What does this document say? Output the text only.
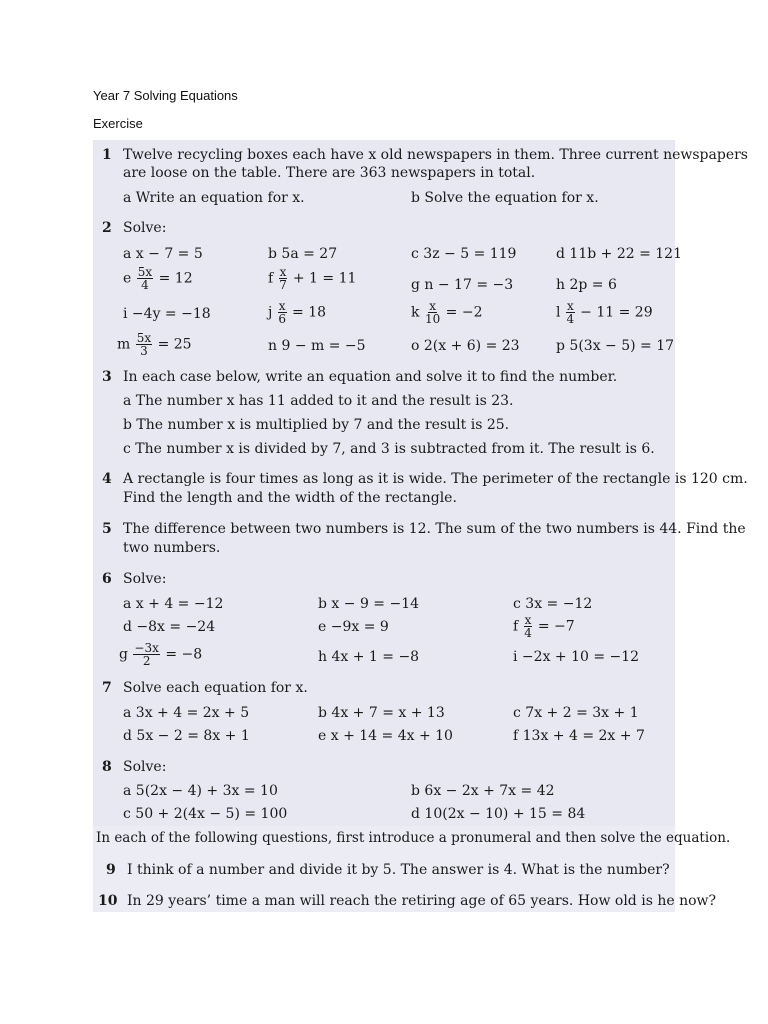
Year 7 Solving Equations
Exercise
1 Twelve recycling boxes each have x old newspapers in them. Three current newspapers
are loose on the table. There are 363 newspapers in total.
a Write an equation for x.	b Solve the equation for x.
2 Solve:
a x − 7 = 5	b 5a = 27	c 3z − 5 = 119	d 11b + 22 = 121
e $\frac{5x}{4} = 12$	f $\frac{x}{7} + 1 = 11$	g n − 17 = −3	h 2p = 6
i −4y = −18	j $\frac{x}{6} = 18$	k $\frac{x}{10} = -2$	l $\frac{x}{4} - 11 = 29$
m $\frac{5x}{3} = 25$	n 9 − m = −5	o 2(x + 6) = 23	p 5(3x − 5) = 17
3 In each case below, write an equation and solve it to find the number.
a The number x has 11 added to it and the result is 23.
b The number x is multiplied by 7 and the result is 25.
c The number x is divided by 7, and 3 is subtracted from it. The result is 6.
4 A rectangle is four times as long as it is wide. The perimeter of the rectangle is 120 cm.
Find the length and the width of the rectangle.
5 The difference between two numbers is 12. The sum of the two numbers is 44. Find the
two numbers.
6 Solve:
a x + 4 = −12	b x − 9 = −14	c 3x = −12
d −8x = −24	e −9x = 9	f $\frac{x}{4} = -7$
g $\frac{-3x}{2} = -8$	h 4x + 1 = −8	i −2x + 10 = −12
7 Solve each equation for x.
a 3x + 4 = 2x + 5	b 4x + 7 = x + 13	c 7x + 2 = 3x + 1
d 5x − 2 = 8x + 1	e x + 14 = 4x + 10	f 13x + 4 = 2x + 7
8 Solve:
a 5(2x − 4) + 3x = 10	b 6x − 2x + 7x = 42
c 50 + 2(4x − 5) = 100	d 10(2x − 10) + 15 = 84
In each of the following questions, first introduce a pronumeral and then solve the equation.
9 I think of a number and divide it by 5. The answer is 4. What is the number?
10 In 29 years’ time a man will reach the retiring age of 65 years. How old is he now?
